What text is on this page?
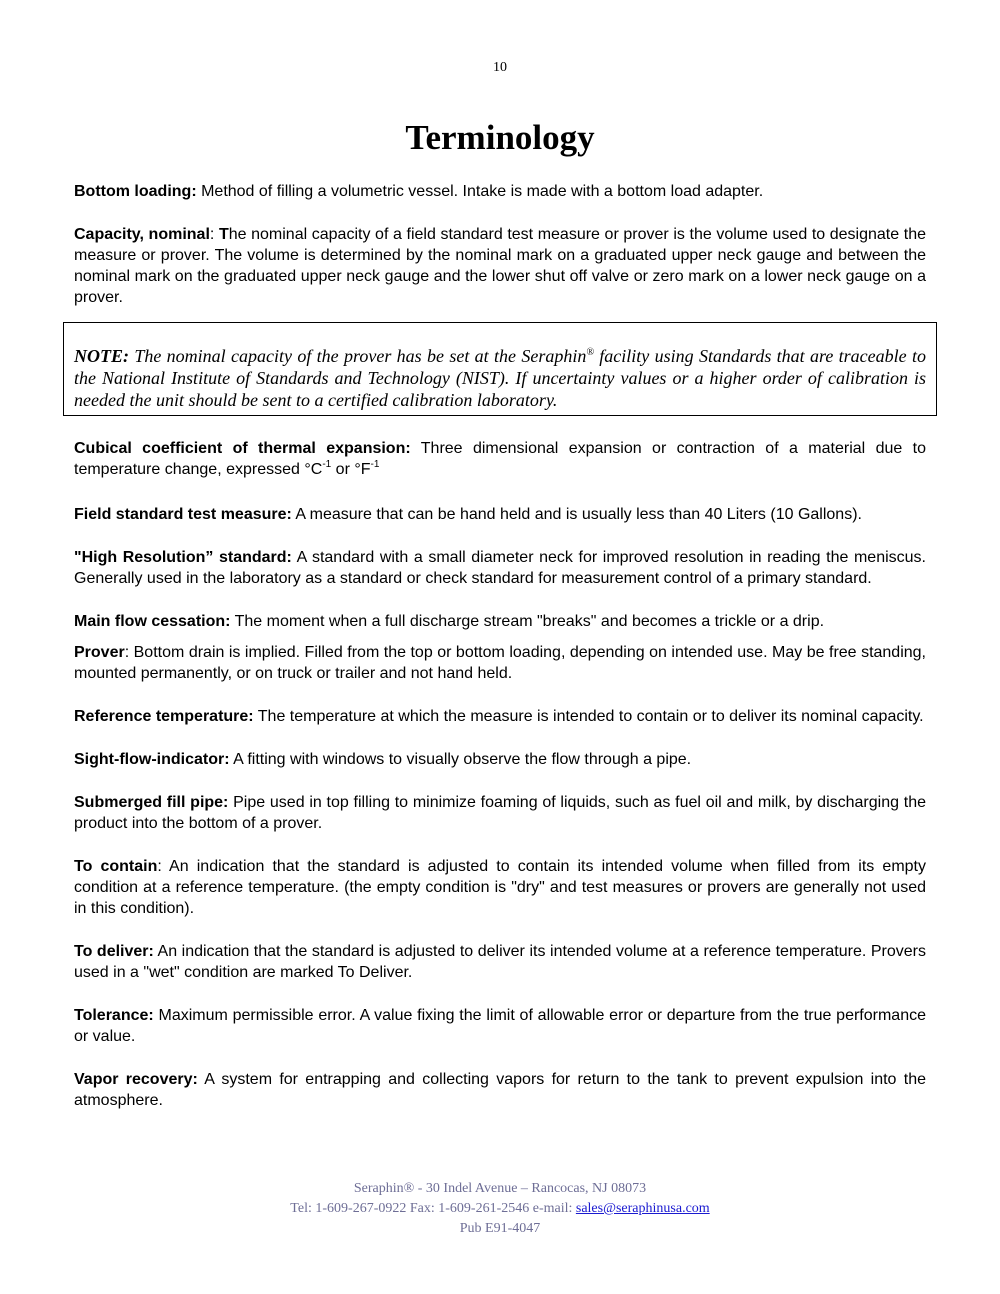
10
Terminology

Bottom loading: Method of filling a volumetric vessel. Intake is made with a bottom load adapter.

Capacity, nominal: The nominal capacity of a field standard test measure or prover is the volume used to designate the measure or prover. The volume is determined by the nominal mark on a graduated upper neck gauge and between the nominal mark on the graduated upper neck gauge and the lower shut off valve or zero mark on a lower neck gauge on a prover.

NOTE: The nominal capacity of the prover has be set at the Seraphin® facility using Standards that are traceable to the National Institute of Standards and Technology (NIST). If uncertainty values or a higher order of calibration is needed the unit should be sent to a certified calibration laboratory.

Cubical coefficient of thermal expansion: Three dimensional expansion or contraction of a material due to temperature change, expressed $^\circ C^{-1}$ or $^\circ F^{-1}$

Field standard test measure: A measure that can be hand held and is usually less than 40 Liters (10 Gallons).

"High Resolution” standard: A standard with a small diameter neck for improved resolution in reading the meniscus. Generally used in the laboratory as a standard or check standard for measurement control of a primary standard.

Main flow cessation: The moment when a full discharge stream "breaks" and becomes a trickle or a drip.

Prover: Bottom drain is implied. Filled from the top or bottom loading, depending on intended use. May be free standing, mounted permanently, or on truck or trailer and not hand held.

Reference temperature: The temperature at which the measure is intended to contain or to deliver its nominal capacity.

Sight-flow-indicator: A fitting with windows to visually observe the flow through a pipe.

Submerged fill pipe: Pipe used in top filling to minimize foaming of liquids, such as fuel oil and milk, by discharging the product into the bottom of a prover.

To contain: An indication that the standard is adjusted to contain its intended volume when filled from its empty condition at a reference temperature. (the empty condition is "dry" and test measures or provers are generally not used in this condition).

To deliver: An indication that the standard is adjusted to deliver its intended volume at a reference temperature. Provers used in a "wet" condition are marked To Deliver.

Tolerance: Maximum permissible error. A value fixing the limit of allowable error or departure from the true performance or value.

Vapor recovery: A system for entrapping and collecting vapors for return to the tank to prevent expulsion into the atmosphere.

Seraphin® - 30 Indel Avenue – Rancocas, NJ 08073
Tel: 1-609-267-0922 Fax: 1-609-261-2546 e-mail: sales@seraphinusa.com
Pub E91-4047
